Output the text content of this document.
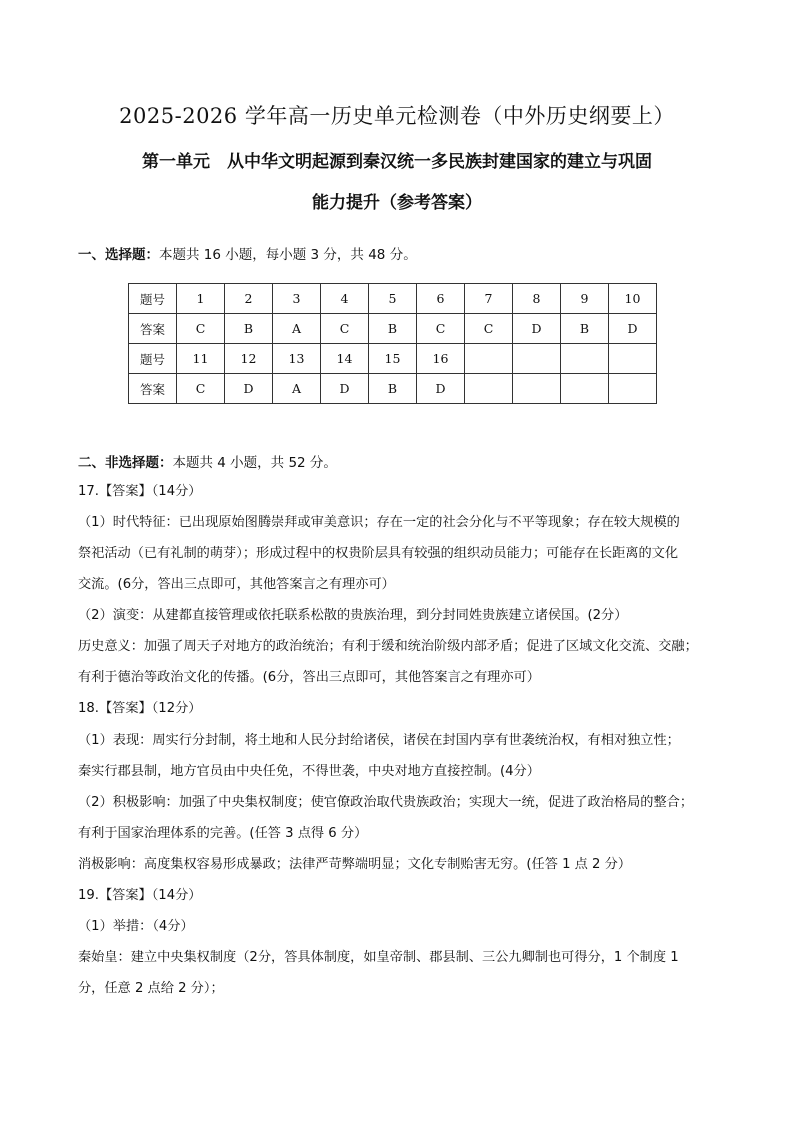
2025-2026 学年高一历史单元检测卷（中外历史纲要上）
第一单元　从中华文明起源到秦汉统一多民族封建国家的建立与巩固
能力提升（参考答案）
一、选择题：本题共 16 小题，每小题 3 分，共 48 分。
题号	1	2	3	4	5	6	7	8	9	10
答案	C	B	A	C	B	C	C	D	B	D
题号	11	12	13	14	15	16				
答案	C	D	A	D	B	D				
二、非选择题：本题共 4 小题，共 52 分。
17.【答案】（14分）
（1）时代特征：已出现原始图腾崇拜或审美意识；存在一定的社会分化与不平等现象；存在较大规模的
祭祀活动（已有礼制的萌芽）；形成过程中的权贵阶层具有较强的组织动员能力；可能存在长距离的文化
交流。(6分，答出三点即可，其他答案言之有理亦可）
（2）演变：从建都直接管理或依托联系松散的贵族治理，到分封同姓贵族建立诸侯国。(2分）
历史意义：加强了周天子对地方的政治统治；有利于缓和统治阶级内部矛盾；促进了区域文化交流、交融；
有利于德治等政治文化的传播。(6分，答出三点即可，其他答案言之有理亦可）
18.【答案】（12分）
（1）表现：周实行分封制，将土地和人民分封给诸侯，诸侯在封国内享有世袭统治权，有相对独立性；
秦实行郡县制，地方官员由中央任免，不得世袭，中央对地方直接控制。(4分）
（2）积极影响：加强了中央集权制度；使官僚政治取代贵族政治；实现大一统，促进了政治格局的整合；
有利于国家治理体系的完善。(任答 3 点得 6 分）
消极影响：高度集权容易形成暴政；法律严苛弊端明显；文化专制贻害无穷。(任答 1 点 2 分）
19.【答案】（14分）
（1）举措：（4分）
秦始皇：建立中央集权制度（2分，答具体制度，如皇帝制、郡县制、三公九卿制也可得分，1 个制度 1
分，任意 2 点给 2 分）；
